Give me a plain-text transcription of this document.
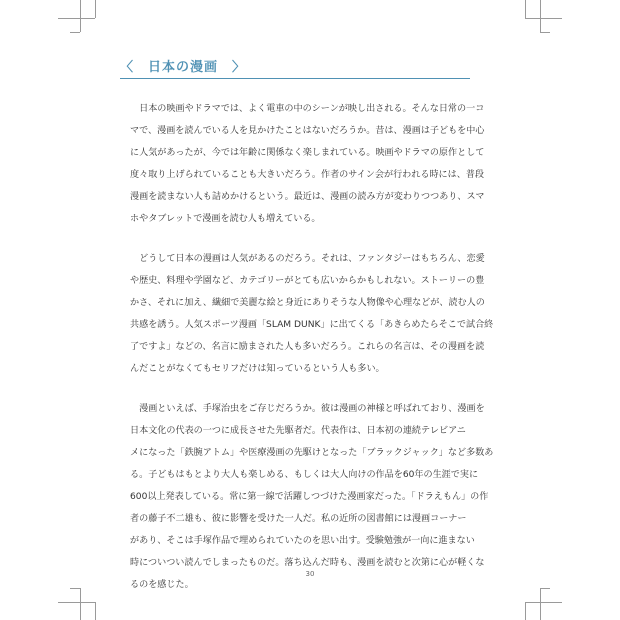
〈　日本の漫画　〉

日本の映画やドラマでは、よく電車の中のシーンが映し出される。そんな日常の一コ
マで、漫画を読んでいる人を見かけたことはないだろうか。昔は、漫画は子どもを中心
に人気があったが、今では年齢に関係なく楽しまれている。映画やドラマの原作として
度々取り上げられていることも大きいだろう。作者のサイン会が行われる時には、普段
漫画を読まない人も詰めかけるという。最近は、漫画の読み方が変わりつつあり、スマ
ホやタブレットで漫画を読む人も増えている。

どうして日本の漫画は人気があるのだろう。それは、ファンタジーはもちろん、恋愛
や歴史、料理や学園など、カテゴリーがとても広いからかもしれない。ストーリーの豊
かさ、それに加え、繊細で美麗な絵と身近にありそうな人物像や心理などが、読む人の
共感を誘う。人気スポーツ漫画「SLAM DUNK」に出てくる「あきらめたらそこで試合終
了ですよ」などの、名言に励まされた人も多いだろう。これらの名言は、その漫画を読
んだことがなくてもセリフだけは知っているという人も多い。

漫画といえば、手塚治虫をご存じだろうか。彼は漫画の神様と呼ばれており、漫画を
日本文化の代表の一つに成長させた先駆者だ。代表作は、日本初の連続テレビアニ
メになった「鉄腕アトム」や医療漫画の先駆けとなった「ブラックジャック」など多数あ
る。子どもはもとより大人も楽しめる、もしくは大人向けの作品を60年の生涯で実に
600以上発表している。常に第一線で活躍しつづけた漫画家だった。「ドラえもん」の作
者の藤子不二雄も、彼に影響を受けた一人だ。私の近所の図書館には漫画コーナー
があり、そこは手塚作品で埋められていたのを思い出す。受験勉強が一向に進まない
時についつい読んでしまったものだ。落ち込んだ時も、漫画を読むと次第に心が軽くな
るのを感じた。

30
